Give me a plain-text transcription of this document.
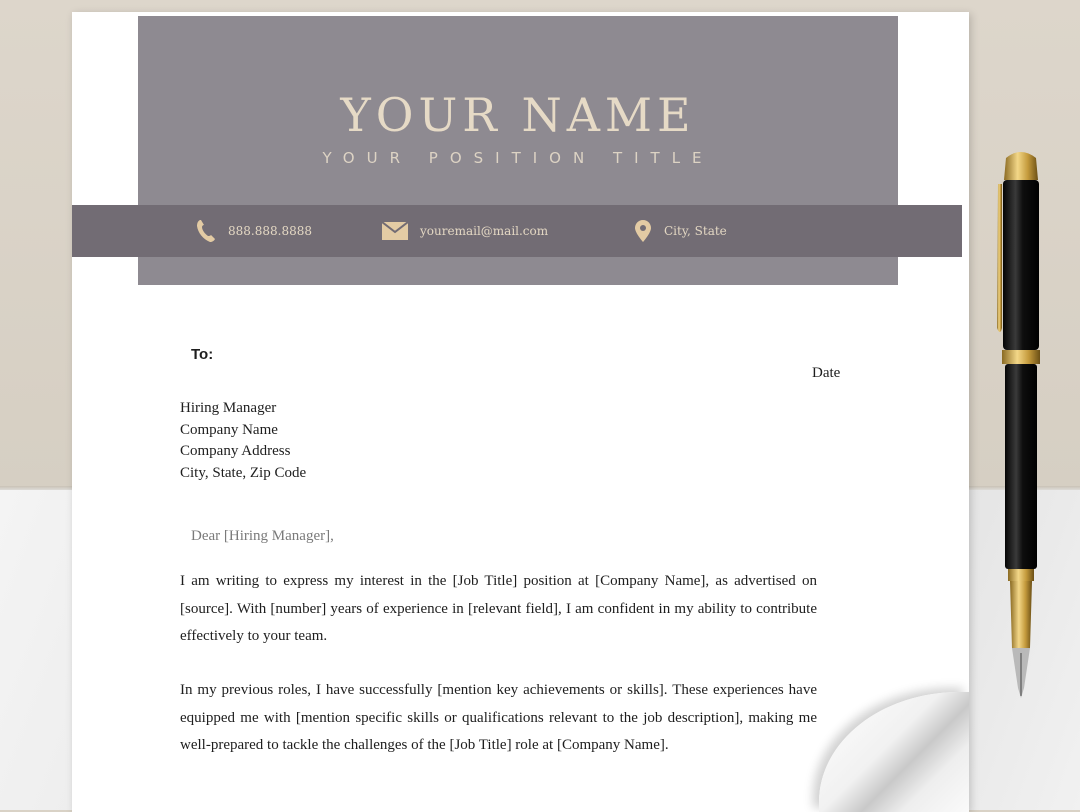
YOUR NAME
YOUR POSITION TITLE
888.888.8888	youremail@mail.com	City, State
To:
Date
Hiring Manager
Company Name
Company Address
City, State, Zip Code
Dear [Hiring Manager],

I am writing to express my interest in the [Job Title] position at [Company Name], as advertised on [source]. With [number] years of experience in [relevant field], I am confident in my ability to contribute effectively to your team.

In my previous roles, I have successfully [mention key achievements or skills]. These experiences have equipped me with [mention specific skills or qualifications relevant to the job description], making me well-prepared to tackle the challenges of the [Job Title] role at [Company Name].
